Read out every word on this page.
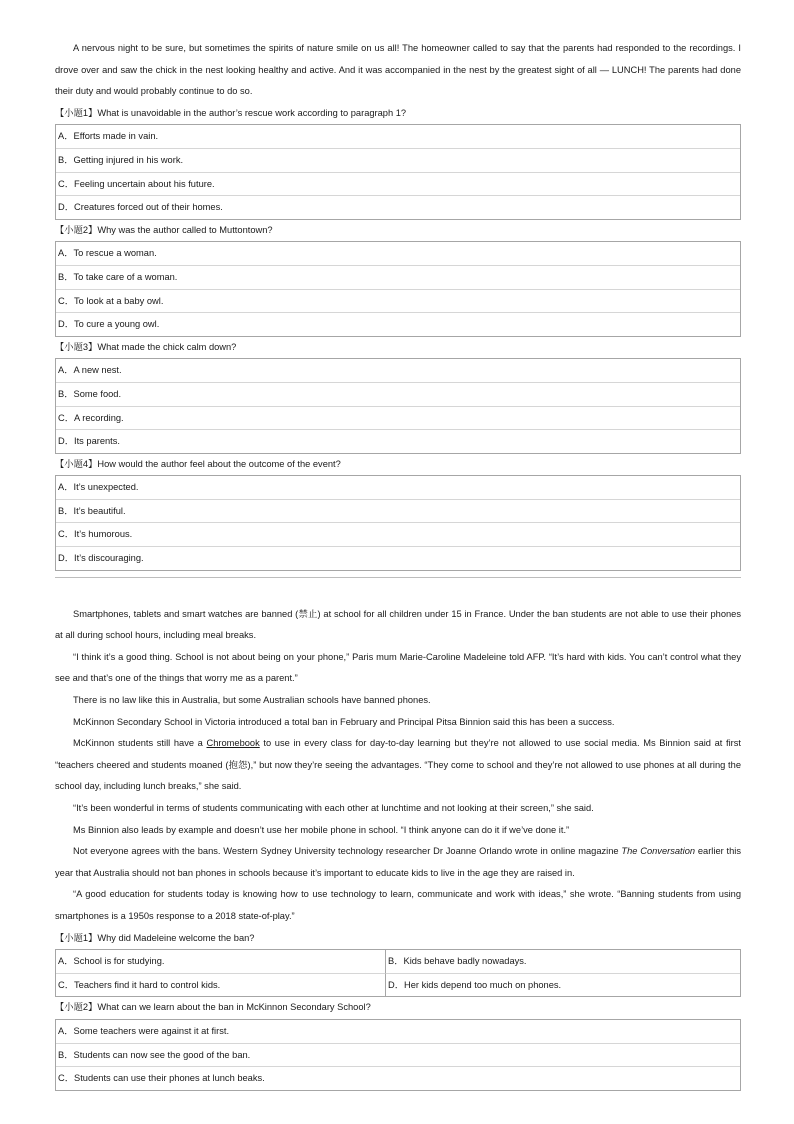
A nervous night to be sure, but sometimes the spirits of nature smile on us all! The homeowner called to say that the parents had responded to the recordings. I drove over and saw the chick in the nest looking healthy and active. And it was accompanied in the nest by the greatest sight of all — LUNCH! The parents had done their duty and would probably continue to do so.

【小题1】What is unavoidable in the author’s rescue work according to paragraph 1?
A．Efforts made in vain.
B．Getting injured in his work.
C．Feeling uncertain about his future.
D．Creatures forced out of their homes.
【小题2】Why was the author called to Muttontown?
A．To rescue a woman.
B．To take care of a woman.
C．To look at a baby owl.
D．To cure a young owl.
【小题3】What made the chick calm down?
A．A new nest.
B．Some food.
C．A recording.
D．Its parents.
【小题4】How would the author feel about the outcome of the event?
A．It’s unexpected.
B．It’s beautiful.
C．It’s humorous.
D．It’s discouraging.

Smartphones, tablets and smart watches are banned (禁止) at school for all children under 15 in France. Under the ban students are not able to use their phones at all during school hours, including meal breaks.

“I think it’s a good thing. School is not about being on your phone,” Paris mum Marie-Caroline Madeleine told AFP. “It’s hard with kids. You can’t control what they see and that’s one of the things that worry me as a parent.”

There is no law like this in Australia, but some Australian schools have banned phones.

McKinnon Secondary School in Victoria introduced a total ban in February and Principal Pitsa Binnion said this has been a success.

McKinnon students still have a Chromebook to use in every class for day-to-day learning but they’re not allowed to use social media. Ms Binnion said at first “teachers cheered and students moaned (抱怨),” but now they’re seeing the advantages. “They come to school and they’re not allowed to use phones at all during the school day, including lunch breaks,” she said.

“It’s been wonderful in terms of students communicating with each other at lunchtime and not looking at their screen,” she said.

Ms Binnion also leads by example and doesn’t use her mobile phone in school. “I think anyone can do it if we’ve done it.”

Not everyone agrees with the bans. Western Sydney University technology researcher Dr Joanne Orlando wrote in online magazine The Conversation earlier this year that Australia should not ban phones in schools because it’s important to educate kids to live in the age they are raised in.

“A good education for students today is knowing how to use technology to learn, communicate and work with ideas,” she wrote. “Banning students from using smartphones is a 1950s response to a 2018 state-of-play.”

【小题1】Why did Madeleine welcome the ban?
A．School is for studying.	B．Kids behave badly nowadays.
C．Teachers find it hard to control kids.	D．Her kids depend too much on phones.
【小题2】What can we learn about the ban in McKinnon Secondary School?
A．Some teachers were against it at first.
B．Students can now see the good of the ban.
C．Students can use their phones at lunch beaks.
